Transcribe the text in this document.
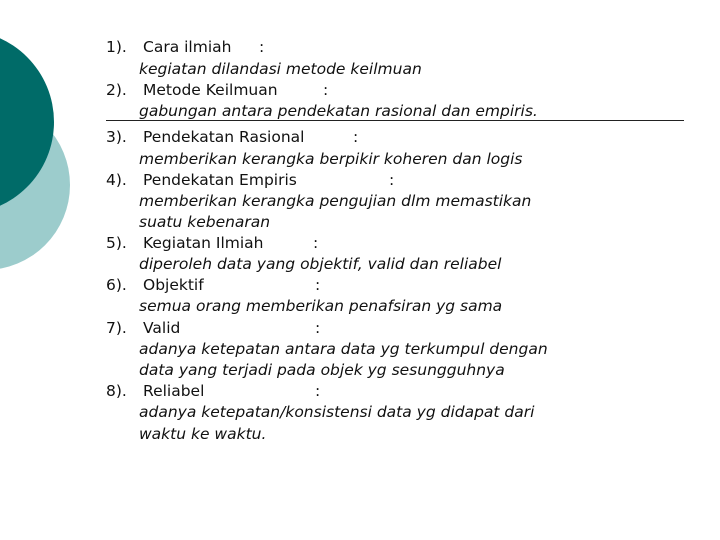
1). Cara ilmiah :
kegiatan dilandasi metode keilmuan
2). Metode Keilmuan	:
gabungan antara pendekatan rasional dan empiris.
3). Pendekatan Rasional	:
memberikan kerangka berpikir koheren dan logis
4). Pendekatan Empiris	:
memberikan kerangka pengujian dlm memastikan
suatu kebenaran
5). Kegiatan Ilmiah	:
diperoleh data yang objektif, valid dan reliabel
6). Objektif	:
semua orang memberikan penafsiran yg sama
7). Valid	:
adanya ketepatan antara data yg terkumpul dengan
data yang terjadi pada objek yg sesungguhnya
8). Reliabel	:
adanya ketepatan/konsistensi data yg didapat dari
waktu ke waktu.
